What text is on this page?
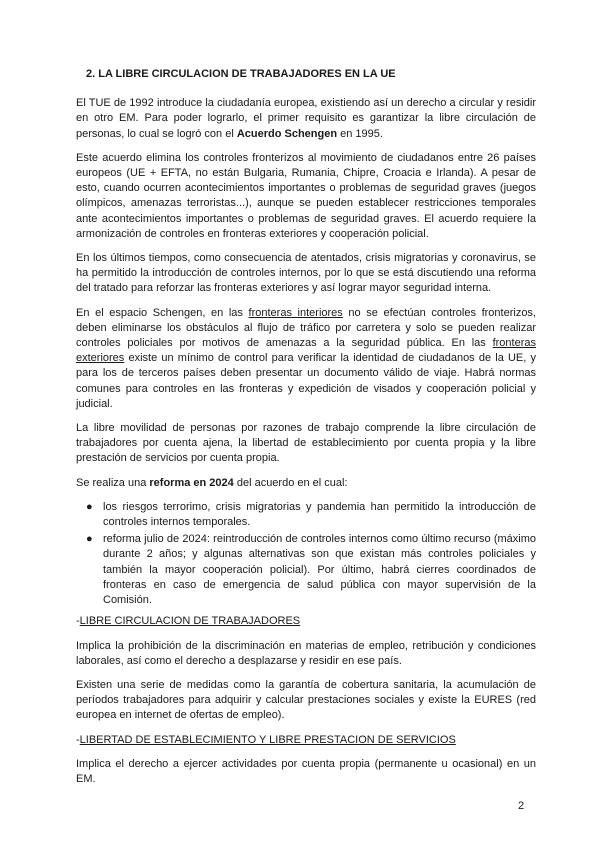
2. LA LIBRE CIRCULACION DE TRABAJADORES EN LA UE

El TUE de 1992 introduce la ciudadanía europea, existiendo así un derecho a circular y residir en otro EM. Para poder lograrlo, el primer requisito es garantizar la libre circulación de personas, lo cual se logró con el Acuerdo Schengen en 1995.

Este acuerdo elimina los controles fronterizos al movimiento de ciudadanos entre 26 países europeos (UE + EFTA, no están Bulgaria, Rumania, Chipre, Croacia e Irlanda). A pesar de esto, cuando ocurren acontecimientos importantes o problemas de seguridad graves (juegos olímpicos, amenazas terroristas...), aunque se pueden establecer restricciones temporales ante acontecimientos importantes o problemas de seguridad graves. El acuerdo requiere la armonización de controles en fronteras exteriores y cooperación policial.

En los últimos tiempos, como consecuencia de atentados, crisis migratorias y coronavirus, se ha permitido la introducción de controles internos, por lo que se está discutiendo una reforma del tratado para reforzar las fronteras exteriores y así lograr mayor seguridad interna.

En el espacio Schengen, en las fronteras interiores no se efectúan controles fronterizos, deben eliminarse los obstáculos al flujo de tráfico por carretera y solo se pueden realizar controles policiales por motivos de amenazas a la seguridad pública. En las fronteras exteriores existe un mínimo de control para verificar la identidad de ciudadanos de la UE, y para los de terceros países deben presentar un documento válido de viaje. Habrá normas comunes para controles en las fronteras y expedición de visados y cooperación policial y judicial.

La libre movilidad de personas por razones de trabajo comprende la libre circulación de trabajadores por cuenta ajena, la libertad de establecimiento por cuenta propia y la libre prestación de servicios por cuenta propia.

Se realiza una reforma en 2024 del acuerdo en el cual:

● los riesgos terrorimo, crisis migratorias y pandemia han permitido la introducción de controles internos temporales.
● reforma julio de 2024: reintroducción de controles internos como último recurso (máximo durante 2 años; y algunas alternativas son que existan más controles policiales y también la mayor cooperación policial). Por último, habrá cierres coordinados de fronteras en caso de emergencia de salud pública con mayor supervisión de la Comisión.

-LIBRE CIRCULACION DE TRABAJADORES

Implica la prohibición de la discriminación en materias de empleo, retribución y condiciones laborales, así como el derecho a desplazarse y residir en ese país.

Existen una serie de medidas como la garantía de cobertura sanitaria, la acumulación de períodos trabajadores para adquirir y calcular prestaciones sociales y existe la EURES (red europea en internet de ofertas de empleo).

-LIBERTAD DE ESTABLECIMIENTO Y LIBRE PRESTACION DE SERVICIOS

Implica el derecho a ejercer actividades por cuenta propia (permanente u ocasional) en un EM.

2
